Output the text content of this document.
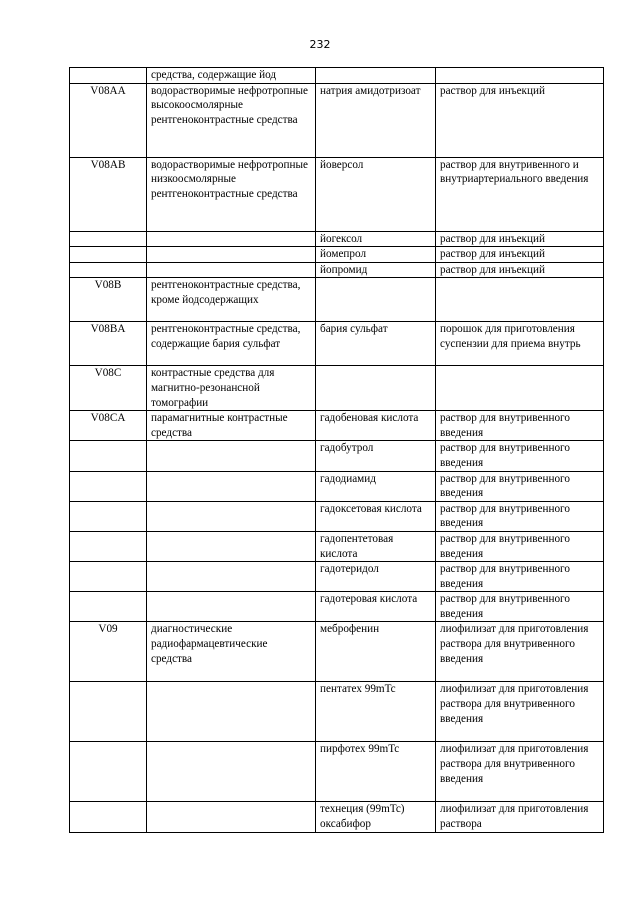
232
	средства, содержащие йод		
V08AA	водорастворимые нефротропные высокоосмолярные рентгеноконтрастные средства	натрия амидотризоат	раствор для инъекций
V08AB	водорастворимые нефротропные низкоосмолярные рентгеноконтрастные средства	йоверсол	раствор для внутривенного и внутриартериального введения
		йогексол	раствор для инъекций
		йомепрол	раствор для инъекций
		йопромид	раствор для инъекций
V08B	рентгеноконтрастные средства, кроме йодсодержащих		
V08BA	рентгеноконтрастные средства, содержащие бария сульфат	бария сульфат	порошок для приготовления суспензии для приема внутрь
V08C	контрастные средства для магнитно-резонансной томографии		
V08CA	парамагнитные контрастные средства	гадобеновая кислота	раствор для внутривенного введения
		гадобутрол	раствор для внутривенного введения
		гадодиамид	раствор для внутривенного введения
		гадоксетовая кислота	раствор для внутривенного введения
		гадопентетовая кислота	раствор для внутривенного введения
		гадотеридол	раствор для внутривенного введения
		гадотеровая кислота	раствор для внутривенного введения
V09	диагностические радиофармацевтические средства	меброфенин	лиофилизат для приготовления раствора для внутривенного введения
		пентатех 99mTc	лиофилизат для приготовления раствора для внутривенного введения
		пирфотех 99mTc	лиофилизат для приготовления раствора для внутривенного введения
		технеция (99mTc) оксабифор	лиофилизат для приготовления раствора
